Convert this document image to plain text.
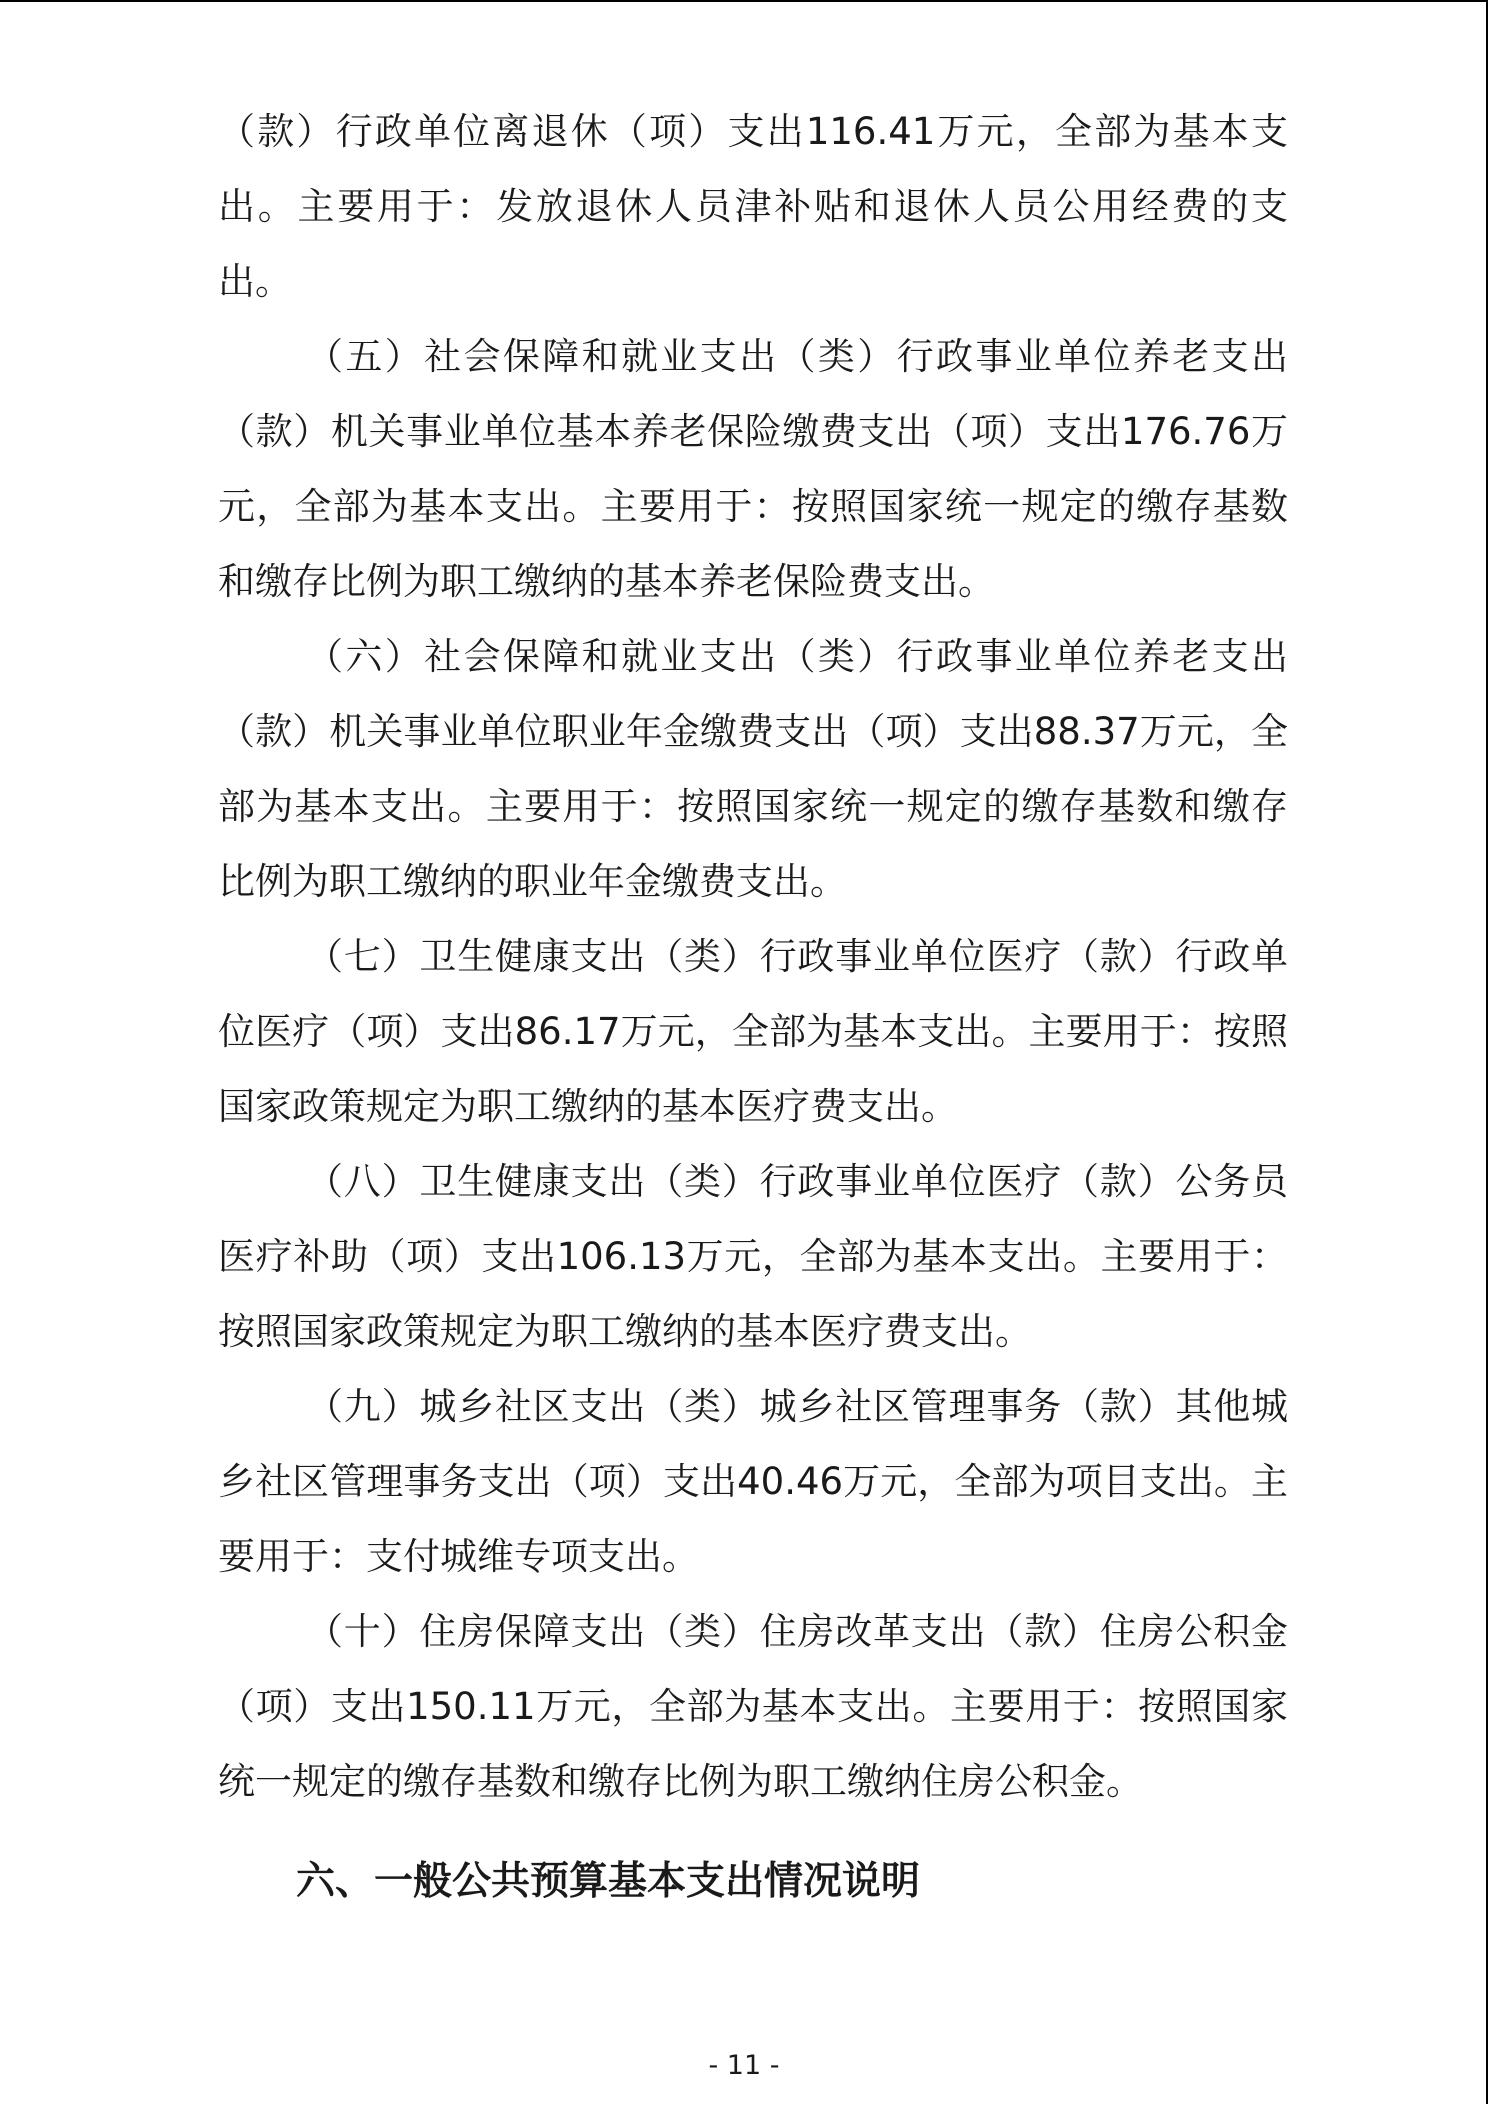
（款）行政单位离退休（项）支出116.41万元，全部为基本支出。主要用于：发放退休人员津补贴和退休人员公用经费的支出。

（五）社会保障和就业支出（类）行政事业单位养老支出（款）机关事业单位基本养老保险缴费支出（项）支出176.76万元，全部为基本支出。主要用于：按照国家统一规定的缴存基数和缴存比例为职工缴纳的基本养老保险费支出。

（六）社会保障和就业支出（类）行政事业单位养老支出（款）机关事业单位职业年金缴费支出（项）支出88.37万元，全部为基本支出。主要用于：按照国家统一规定的缴存基数和缴存比例为职工缴纳的职业年金缴费支出。

（七）卫生健康支出（类）行政事业单位医疗（款）行政单位医疗（项）支出86.17万元，全部为基本支出。主要用于：按照国家政策规定为职工缴纳的基本医疗费支出。

（八）卫生健康支出（类）行政事业单位医疗（款）公务员医疗补助（项）支出106.13万元，全部为基本支出。主要用于：按照国家政策规定为职工缴纳的基本医疗费支出。

（九）城乡社区支出（类）城乡社区管理事务（款）其他城乡社区管理事务支出（项）支出40.46万元，全部为项目支出。主要用于：支付城维专项支出。

（十）住房保障支出（类）住房改革支出（款）住房公积金（项）支出150.11万元，全部为基本支出。主要用于：按照国家统一规定的缴存基数和缴存比例为职工缴纳住房公积金。

六、一般公共预算基本支出情况说明
- 11 -
